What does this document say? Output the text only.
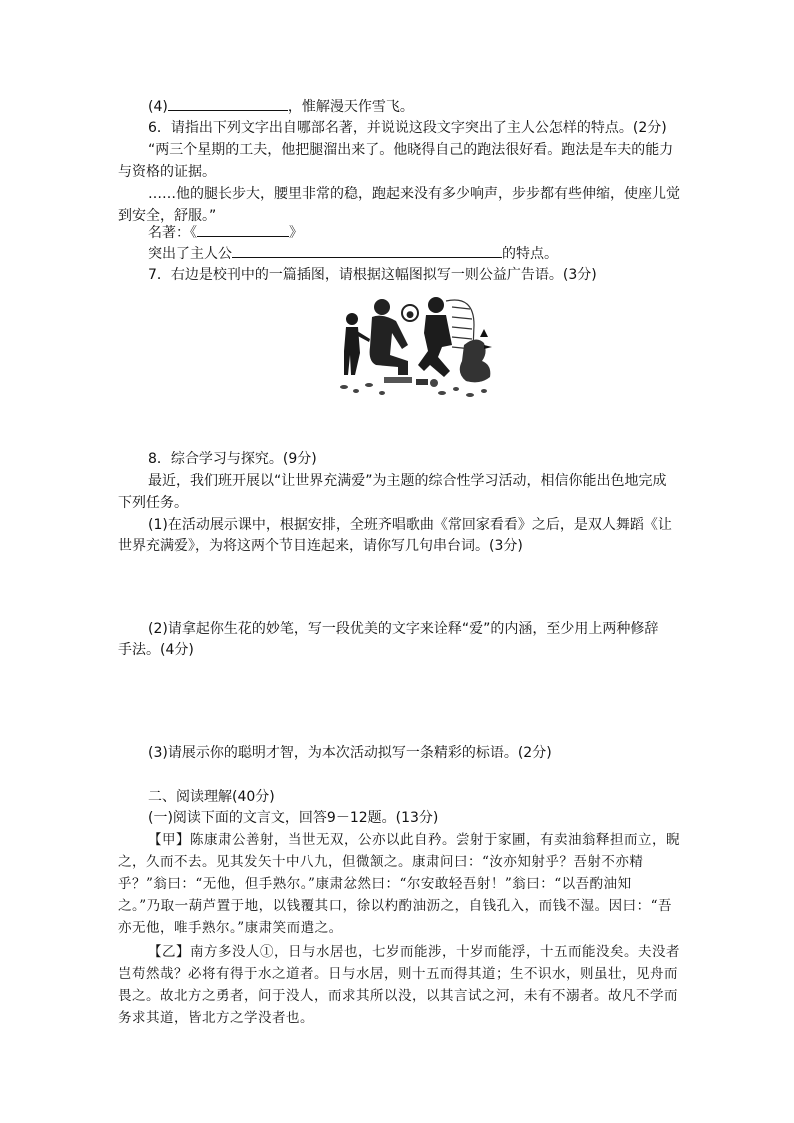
(4)	，惟解漫天作雪飞。
6．请指出下列文字出自哪部名著，并说说这段文字突出了主人公怎样的特点。(2分)
“两三个星期的工夫，他把腿溜出来了。他晓得自己的跑法很好看。跑法是车夫的能力
与资格的证据。
……他的腿长步大，腰里非常的稳，跑起来没有多少响声，步步都有些伸缩，使座儿觉
到安全，舒服。”
名著：《	》
突出了主人公	的特点。
7．右边是校刊中的一篇插图，请根据这幅图拟写一则公益广告语。(3分)
●
8．综合学习与探究。(9分)
最近，我们班开展以“让世界充满爱”为主题的综合性学习活动，相信你能出色地完成
下列任务。
(1)在活动展示课中，根据安排，全班齐唱歌曲《常回家看看》之后，是双人舞蹈《让
世界充满爱》，为将这两个节目连起来，请你写几句串台词。(3分)
(2)请拿起你生花的妙笔，写一段优美的文字来诠释“爱”的内涵，至少用上两种修辞
手法。(4分)
(3)请展示你的聪明才智，为本次活动拟写一条精彩的标语。(2分)
二、阅读理解(40分)
(一)阅读下面的文言文，回答9－12题。(13分)
【甲】陈康肃公善射，当世无双，公亦以此自矜。尝射于家圃，有卖油翁释担而立，睨
之，久而不去。见其发矢十中八九，但微颔之。康肃问曰：“汝亦知射乎？吾射不亦精
乎？”翁曰：“无他，但手熟尔。”康肃忿然曰：“尔安敢轻吾射！”翁曰：“以吾酌油知
之。”乃取一葫芦置于地，以钱覆其口，徐以杓酌油沥之，自钱孔入，而钱不湿。因曰：“吾
亦无他，唯手熟尔。”康肃笑而遣之。
【乙】南方多没人①，日与水居也，七岁而能涉，十岁而能浮，十五而能没矣。夫没者
岂苟然哉？必将有得于水之道者。日与水居，则十五而得其道；生不识水，则虽壮，见舟而
畏之。故北方之勇者，问于没人，而求其所以没，以其言试之河，未有不溺者。故凡不学而
务求其道，皆北方之学没者也。
